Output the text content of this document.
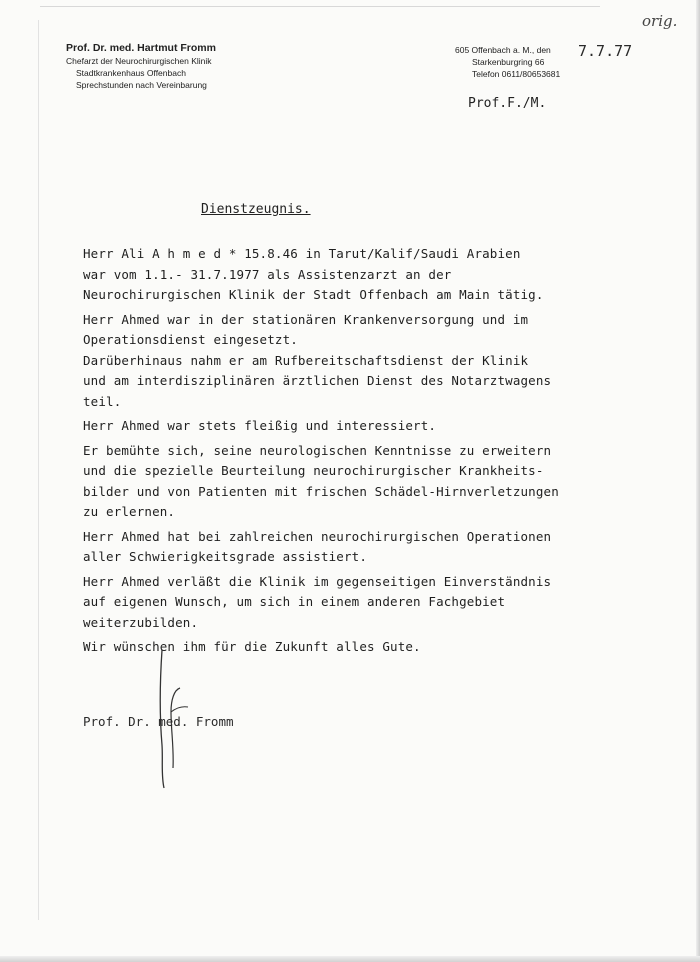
Prof. Dr. med. Hartmut Fromm
Chefarzt der Neurochirurgischen Klinik
Stadtkrankenhaus Offenbach
Sprechstunden nach Vereinbarung
605 Offenbach a. M., den
Starkenburgring 66
Telefon 0611/80653681
7.7.77
orig.
Prof.F./M.
Dienstzeugnis.
Herr Ali A h m e d * 15.8.46 in Tarut/Kalif/Saudi Arabien
war vom 1.1.- 31.7.1977 als Assistenzarzt an der
Neurochirurgischen Klinik der Stadt Offenbach am Main tätig.
Herr Ahmed war in der stationären Krankenversorgung und im
Operationsdienst eingesetzt.
Darüberhinaus nahm er am Rufbereitschaftsdienst der Klinik
und am interdisziplinären ärztlichen Dienst des Notarztwagens
teil.
Herr Ahmed war stets fleißig und interessiert.
Er bemühte sich, seine neurologischen Kenntnisse zu erweitern
und die spezielle Beurteilung neurochirurgischer Krankheits-
bilder und von Patienten mit frischen Schädel-Hirnverletzungen
zu erlernen.
Herr Ahmed hat bei zahlreichen neurochirurgischen Operationen
aller Schwierigkeitsgrade assistiert.
Herr Ahmed verläßt die Klinik im gegenseitigen Einverständnis
auf eigenen Wunsch, um sich in einem anderen Fachgebiet
weiterzubilden.
Wir wünschen ihm für die Zukunft alles Gute.
Prof. Dr. med. Fromm
